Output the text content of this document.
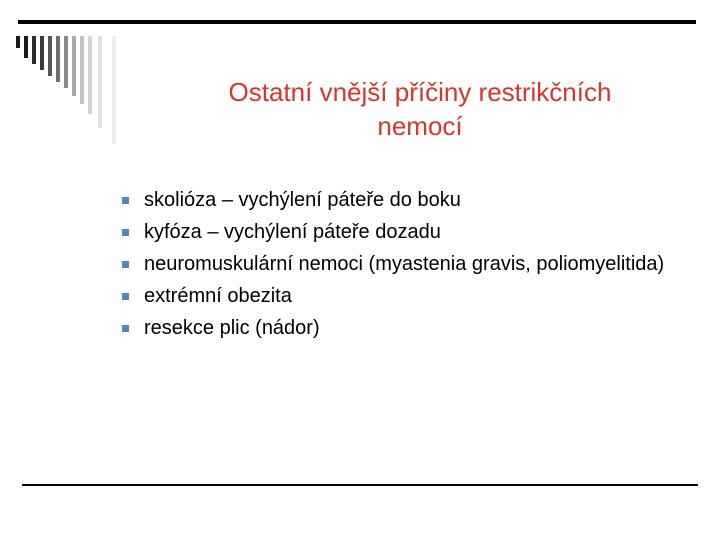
Ostatní vnější příčiny restrikčních
nemocí
skolióza – vychýlení páteře do boku
kyfóza – vychýlení páteře dozadu
neuromuskulární nemoci (myastenia gravis, poliomyelitida)
extrémní obezita
resekce plic (nádor)
